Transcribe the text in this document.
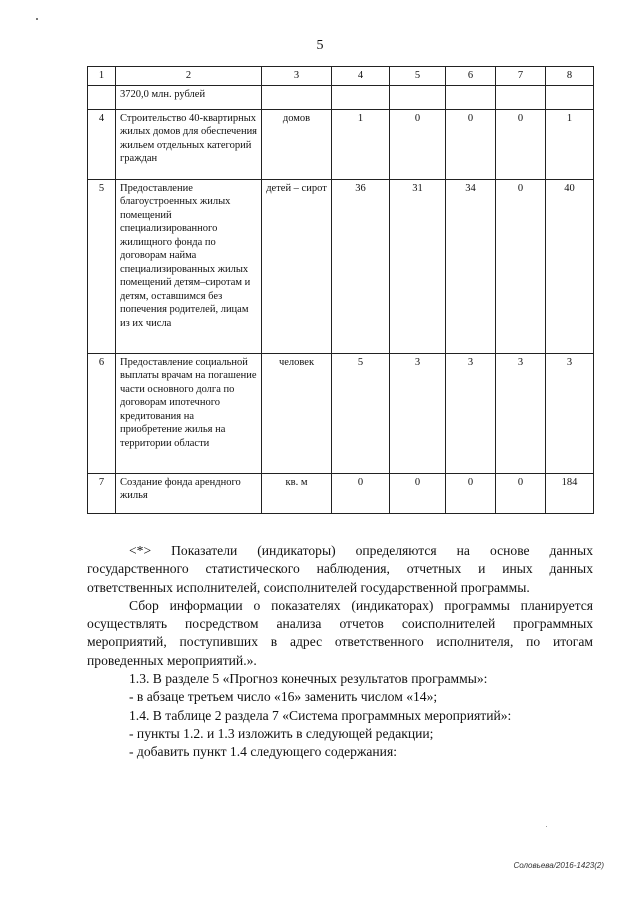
5
1	2	3	4	5	6	7	8
	3720,0 млн. рублей						
4	Строительство 40-квартирных жилых домов для обеспечения жильем отдельных категорий граждан	домов	1	0	0	0	1
5	Предоставление благоустроенных жилых помещений специализированного жилищного фонда по договорам найма специализированных жилых помещений детям–сиротам и детям, оставшимся без попечения родителей, лицам из их числа	детей – сирот	36	31	34	0	40
6	Предоставление социальной выплаты врачам на погашение части основного долга по договорам ипотечного кредитования на приобретение жилья на территории области	человек	5	3	3	3	3
7	Создание фонда арендного жилья	кв. м	0	0	0	0	184

<*> Показатели (индикаторы) определяются на основе данных государственного статистического наблюдения, отчетных и иных данных ответственных исполнителей, соисполнителей государственной программы.

Сбор информации о показателях (индикаторах) программы планируется осуществлять посредством анализа отчетов соисполнителей программных мероприятий, поступивших в адрес ответственного исполнителя, по итогам проведенных мероприятий.».

1.3. В разделе 5 «Прогноз конечных результатов программы»:

- в абзаце третьем число «16» заменить числом «14»;

1.4. В таблице 2 раздела 7 «Система программных мероприятий»:

- пункты 1.2. и 1.3 изложить в следующей редакции;

- добавить пункт 1.4 следующего содержания:

Соловьева/2016-1423(2)
